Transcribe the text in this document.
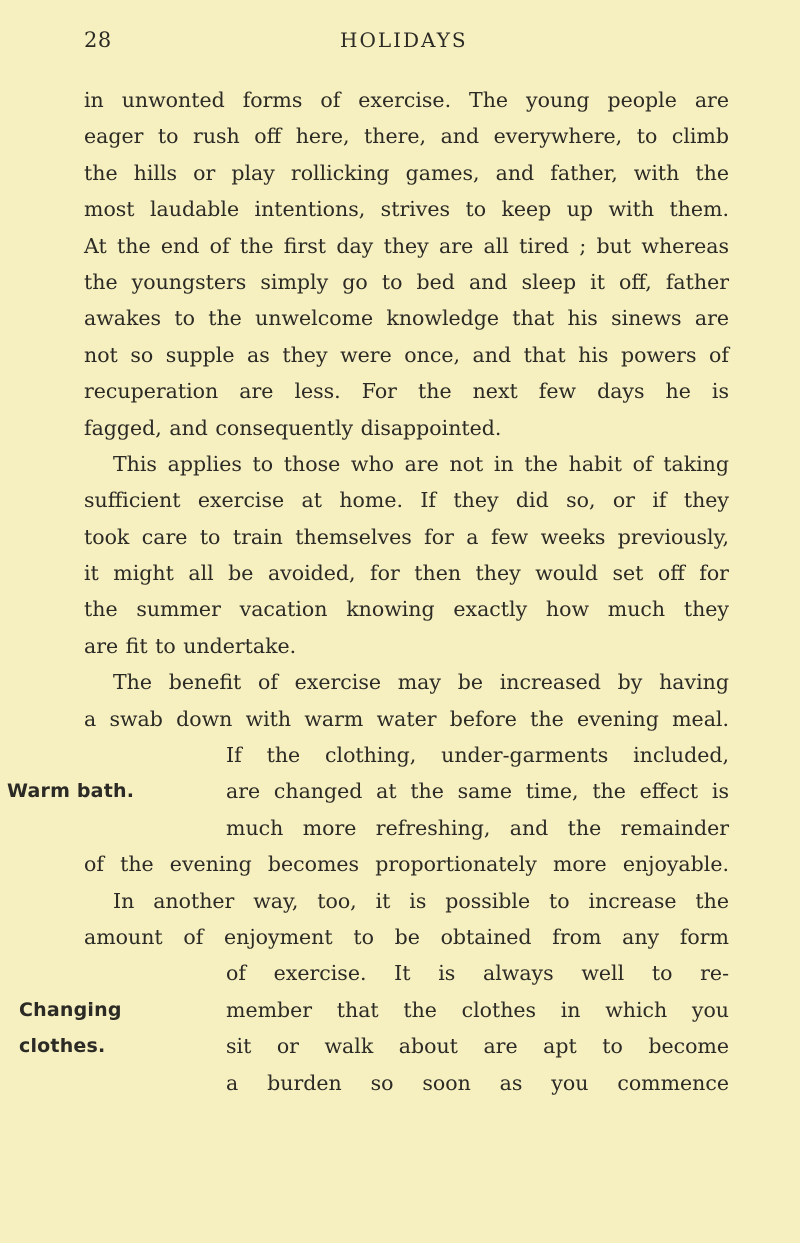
28	HOLIDAYS
in unwonted forms of exercise. The young people are
eager to rush off here, there, and everywhere, to climb
the hills or play rollicking games, and father, with the
most laudable intentions, strives to keep up with them.
At the end of the first day they are all tired ; but whereas
the youngsters simply go to bed and sleep it off, father
awakes to the unwelcome knowledge that his sinews are
not so supple as they were once, and that his powers of
recuperation are less. For the next few days he is
fagged, and consequently disappointed.
This applies to those who are not in the habit of taking
sufficient exercise at home. If they did so, or if they
took care to train themselves for a few weeks previously,
it might all be avoided, for then they would set off for
the summer vacation knowing exactly how much they
are fit to undertake.
The benefit of exercise may be increased by having
a swab down with warm water before the evening meal.
If the clothing, under-garments included,
Warm bath.	are changed at the same time, the effect is
much more refreshing, and the remainder
of the evening becomes proportionately more enjoyable.
In another way, too, it is possible to increase the
amount of enjoyment to be obtained from any form
of exercise. It is always well to re-
Changing	member that the clothes in which you
clothes.	sit or walk about are apt to become
a burden so soon as you commence
